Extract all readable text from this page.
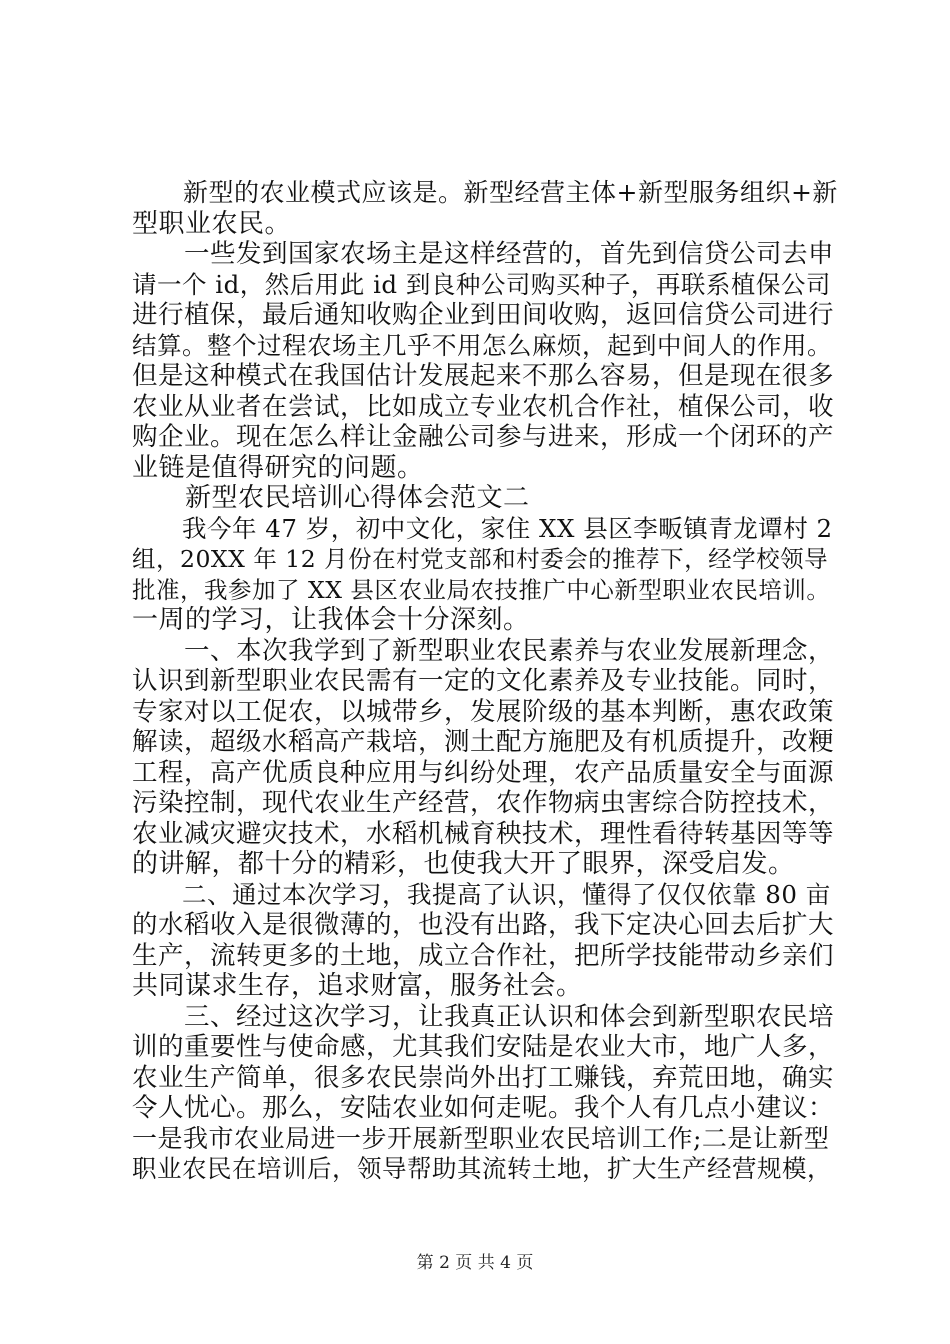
　　新型的农业模式应该是。新型经营主体+新型服务组织+新
型职业农民。
　　一些发到国家农场主是这样经营的，首先到信贷公司去申
请一个 id，然后用此 id 到良种公司购买种子，再联系植保公司
进行植保，最后通知收购企业到田间收购，返回信贷公司进行
结算。整个过程农场主几乎不用怎么麻烦，起到中间人的作用。
但是这种模式在我国估计发展起来不那么容易，但是现在很多
农业从业者在尝试，比如成立专业农机合作社，植保公司，收
购企业。现在怎么样让金融公司参与进来，形成一个闭环的产
业链是值得研究的问题。
　　新型农民培训心得体会范文二
　　我今年 47 岁，初中文化，家住 XX 县区李畈镇青龙谭村 2
组，20XX 年 12 月份在村党支部和村委会的推荐下，经学校领导
批准，我参加了 XX 县区农业局农技推广中心新型职业农民培训。
一周的学习，让我体会十分深刻。
　　一、本次我学到了新型职业农民素养与农业发展新理念，
认识到新型职业农民需有一定的文化素养及专业技能。同时，
专家对以工促农，以城带乡，发展阶级的基本判断，惠农政策
解读，超级水稻高产栽培，测土配方施肥及有机质提升，改粳
工程，高产优质良种应用与纠纷处理，农产品质量安全与面源
污染控制，现代农业生产经营，农作物病虫害综合防控技术，
农业减灾避灾技术，水稻机械育秧技术，理性看待转基因等等
的讲解，都十分的精彩，也使我大开了眼界，深受启发。
　　二、通过本次学习，我提高了认识，懂得了仅仅依靠 80 亩
的水稻收入是很微薄的，也没有出路，我下定决心回去后扩大
生产，流转更多的土地，成立合作社，把所学技能带动乡亲们
共同谋求生存，追求财富，服务社会。
　　三、经过这次学习，让我真正认识和体会到新型职农民培
训的重要性与使命感，尤其我们安陆是农业大市，地广人多，
农业生产简单，很多农民崇尚外出打工赚钱，弃荒田地，确实
令人忧心。那么，安陆农业如何走呢。我个人有几点小建议：
一是我市农业局进一步开展新型职业农民培训工作;二是让新型
职业农民在培训后，领导帮助其流转土地，扩大生产经营规模，
第 2 页 共 4 页
